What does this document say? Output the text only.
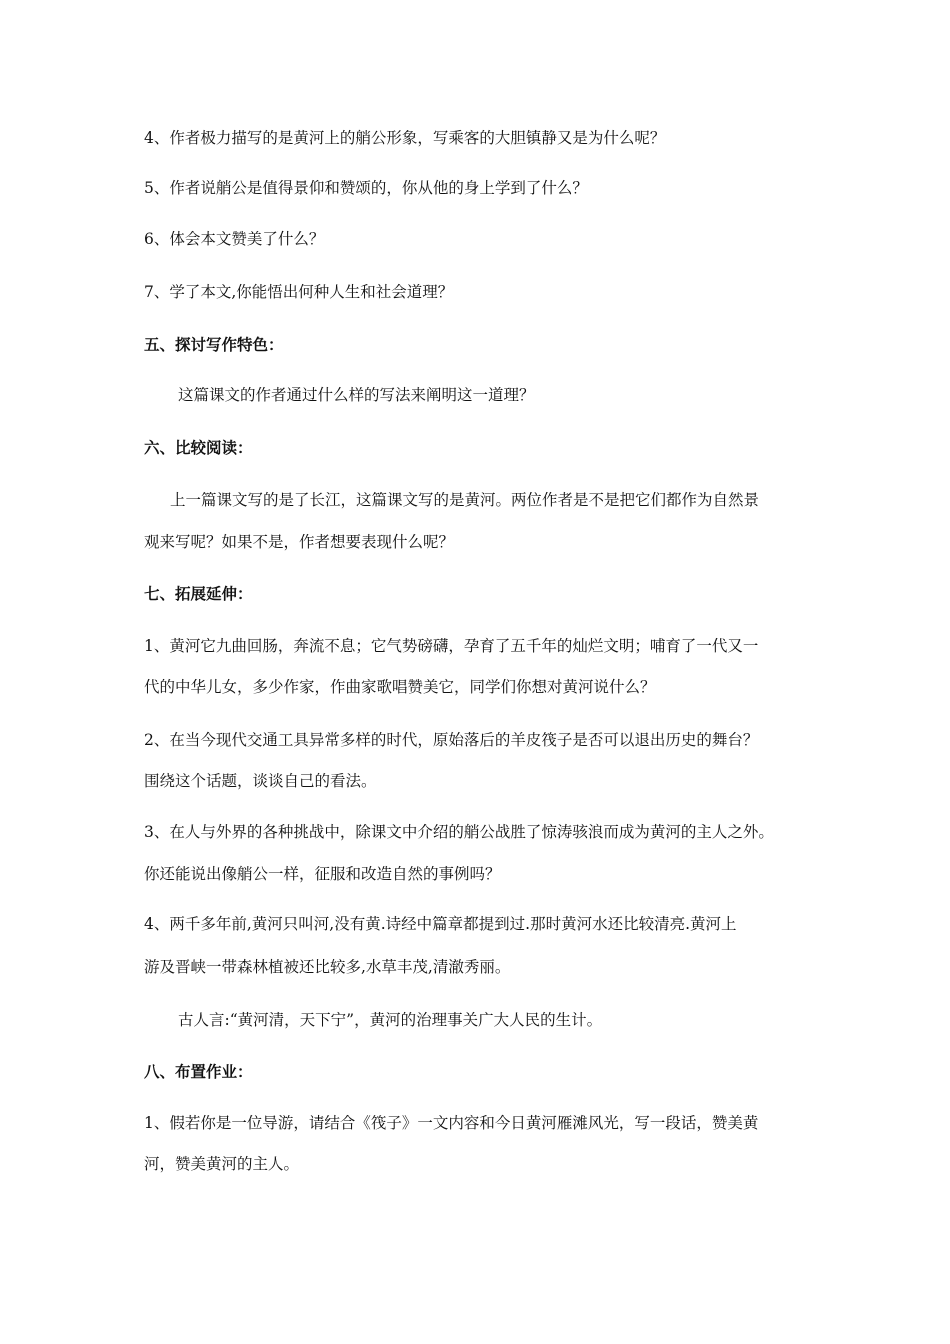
4、作者极力描写的是黄河上的艄公形象，写乘客的大胆镇静又是为什么呢？
5、作者说艄公是值得景仰和赞颂的，你从他的身上学到了什么？
6、体会本文赞美了什么？
7、学了本文,你能悟出何种人生和社会道理？
五、探讨写作特色：
这篇课文的作者通过什么样的写法来阐明这一道理？
六、比较阅读：
上一篇课文写的是了长江，这篇课文写的是黄河。两位作者是不是把它们都作为自然景
观来写呢？如果不是，作者想要表现什么呢？
七、拓展延伸：
1、黄河它九曲回肠，奔流不息；它气势磅礴，孕育了五千年的灿烂文明；哺育了一代又一
代的中华儿女，多少作家，作曲家歌唱赞美它，同学们你想对黄河说什么？
2、在当今现代交通工具异常多样的时代，原始落后的羊皮筏子是否可以退出历史的舞台？
围绕这个话题，谈谈自己的看法。
3、在人与外界的各种挑战中，除课文中介绍的艄公战胜了惊涛骇浪而成为黄河的主人之外。
你还能说出像艄公一样，征服和改造自然的事例吗？
4、两千多年前,黄河只叫河,没有黄.诗经中篇章都提到过.那时黄河水还比较清亮.黄河上
游及晋峡一带森林植被还比较多,水草丰茂,清澈秀丽。
古人言:“黄河清，天下宁”，黄河的治理事关广大人民的生计。
八、布置作业：
1、假若你是一位导游，请结合《筏子》一文内容和今日黄河雁滩风光，写一段话，赞美黄
河，赞美黄河的主人。
